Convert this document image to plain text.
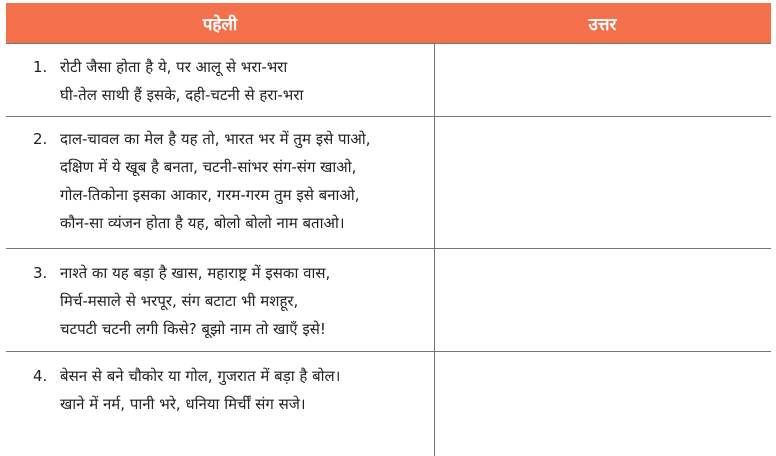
पहेली	उत्तर

1. रोटी जैसा होता है ये, पर आलू से भरा-भरा
घी-तेल साथी हैं इसके, दही-चटनी से हरा-भरा	

2. दाल-चावल का मेल है यह तो, भारत भर में तुम इसे पाओ,
दक्षिण में ये खूब है बनता, चटनी-सांभर संग-संग खाओ,
गोल-तिकोना इसका आकार, गरम-गरम तुम इसे बनाओ,
कौन-सा व्यंजन होता है यह, बोलो बोलो नाम बताओ।	

3. नाश्ते का यह बड़ा है खास, महाराष्ट्र में इसका वास,
मिर्च-मसाले से भरपूर, संग बटाटा भी मशहूर,
चटपटी चटनी लगी किसे? बूझो नाम तो खाएँ इसे!	

4. बेसन से बने चौकोर या गोल, गुजरात में बड़ा है बोल।
खाने में नर्म, पानी भरे, धनिया मिर्चीं संग सजे।	
